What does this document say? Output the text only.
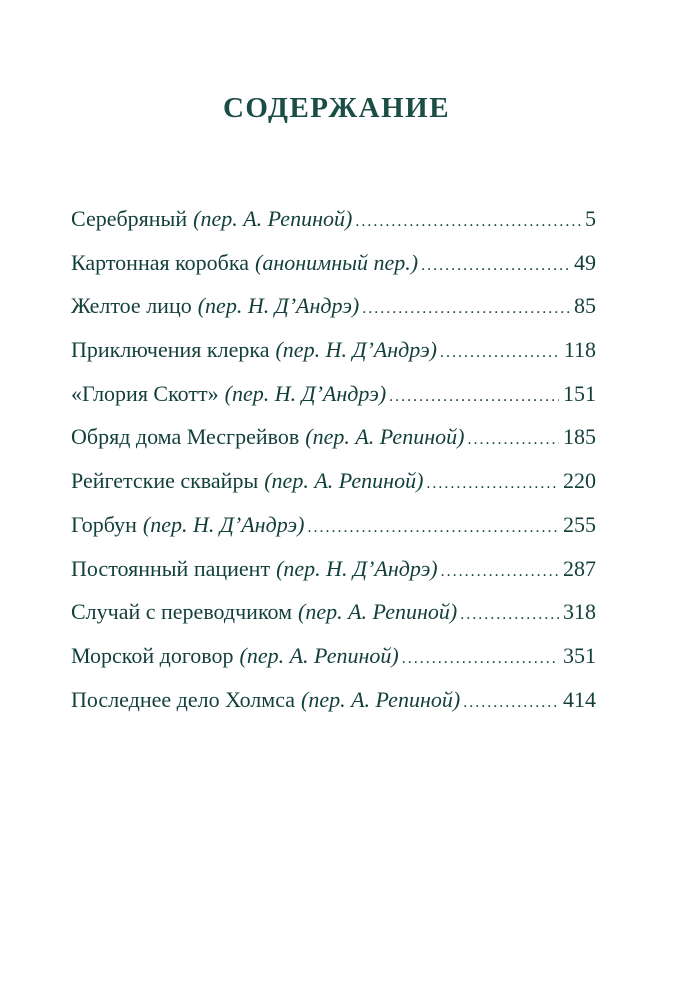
СОДЕРЖАНИЕ
Серебряный (пер. А. Репиной) . . .	5
Картонная коробка (анонимный пер.) . . .	49
Желтое лицо (пер. Н. Д’Андрэ) . . .	85
Приключения клерка (пер. Н. Д’Андрэ) . . .	118
«Глория Скотт» (пер. Н. Д’Андрэ) . . .	151
Обряд дома Месгрейвов (пер. А. Репиной) . . .	185
Рейгетские сквайры (пер. А. Репиной) . . .	220
Горбун (пер. Н. Д’Андрэ) . . .	255
Постоянный пациент (пер. Н. Д’Андрэ) . . .	287
Случай с переводчиком (пер. А. Репиной) . . .	318
Морской договор (пер. А. Репиной) . . .	351
Последнее дело Холмса (пер. А. Репиной) . . .	414
